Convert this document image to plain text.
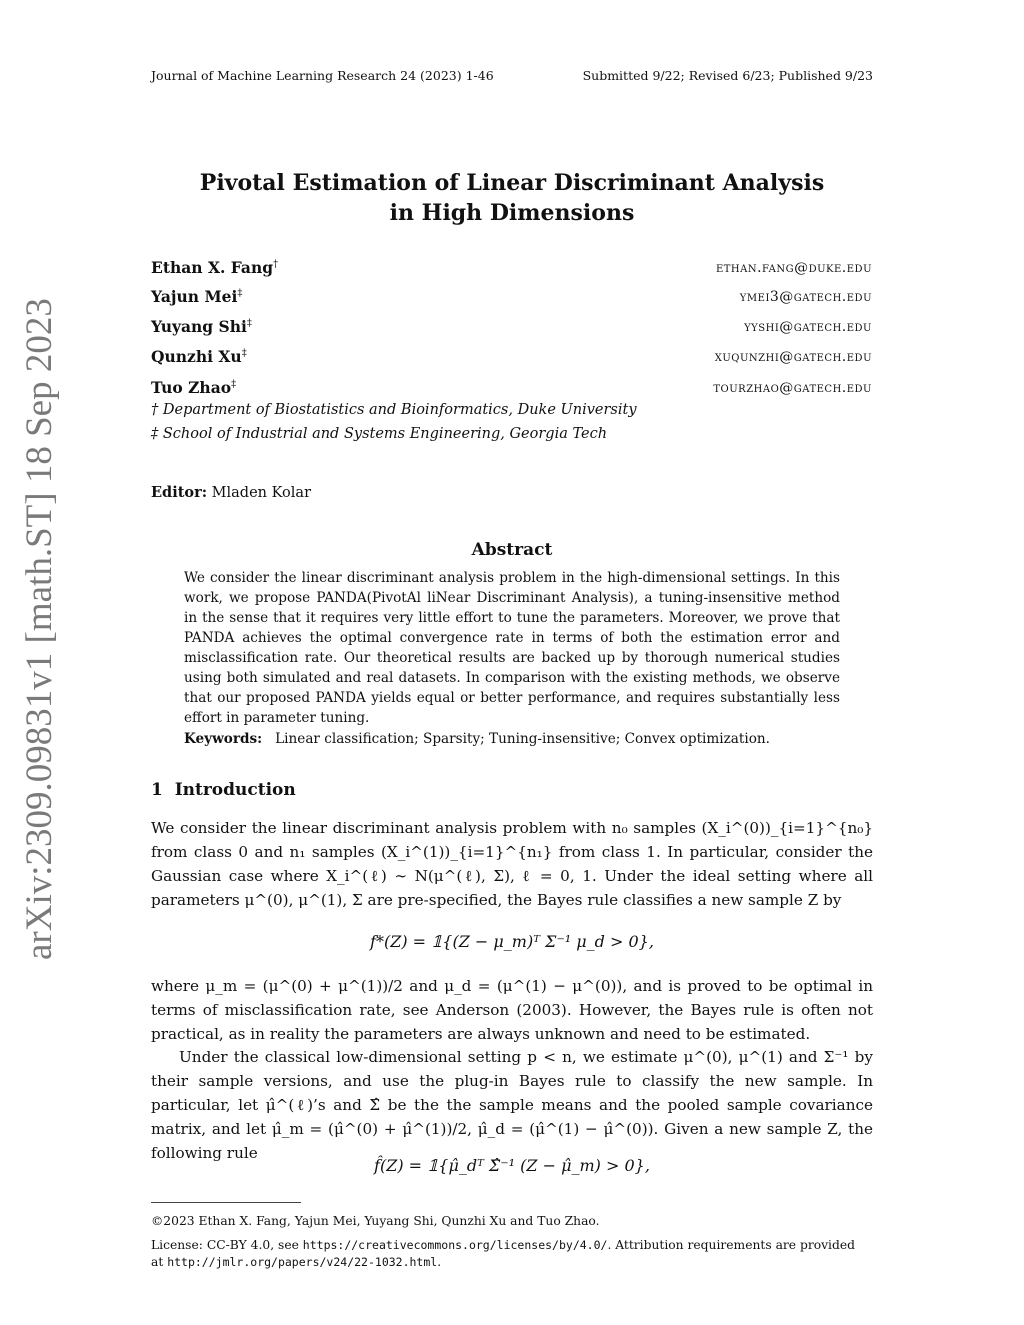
Journal of Machine Learning Research 24 (2023) 1-46	Submitted 9/22; Revised 6/23; Published 9/23
arXiv:2309.09831v1 [math.ST] 18 Sep 2023
Pivotal Estimation of Linear Discriminant Analysis
in High Dimensions
Ethan X. Fang†	ethan.fang@duke.edu
Yajun Mei‡	ymei3@gatech.edu
Yuyang Shi‡	yyshi@gatech.edu
Qunzhi Xu‡	xuqunzhi@gatech.edu
Tuo Zhao‡	tourzhao@gatech.edu
† Department of Biostatistics and Bioinformatics, Duke University
‡ School of Industrial and Systems Engineering, Georgia Tech
Editor: Mladen Kolar
Abstract
We consider the linear discriminant analysis problem in the high-dimensional settings. In this work, we propose PANDA(PivotAl liNear Discriminant Analysis), a tuning-insensitive method in the sense that it requires very little effort to tune the parameters. Moreover, we prove that PANDA achieves the optimal convergence rate in terms of both the estimation error and misclassification rate. Our theoretical results are backed up by thorough numerical studies using both simulated and real datasets. In comparison with the existing methods, we observe that our proposed PANDA yields equal or better performance, and requires substantially less effort in parameter tuning.
Keywords: Linear classification; Sparsity; Tuning-insensitive; Convex optimization.
1 Introduction
We consider the linear discriminant analysis problem with n₀ samples (X_i^(0))_{i=1}^{n₀} from class 0 and n₁ samples (X_i^(1))_{i=1}^{n₁} from class 1. In particular, consider the Gaussian case where X_i^(ℓ) ∼ N(μ^(ℓ), Σ), ℓ = 0, 1. Under the ideal setting where all parameters μ^(0), μ^(1), Σ are pre-specified, the Bayes rule classifies a new sample Z by
f*(Z) = 𝟙{(Z − μ_m)ᵀ Σ⁻¹ μ_d > 0},
where μ_m = (μ^(0) + μ^(1))/2 and μ_d = (μ^(1) − μ^(0)), and is proved to be optimal in terms of misclassification rate, see Anderson (2003). However, the Bayes rule is often not practical, as in reality the parameters are always unknown and need to be estimated.
Under the classical low-dimensional setting p < n, we estimate μ^(0), μ^(1) and Σ⁻¹ by their sample versions, and use the plug-in Bayes rule to classify the new sample. In particular, let μ̂^(ℓ)’s and Σ̂ be the the sample means and the pooled sample covariance matrix, and let μ̂_m = (μ̂^(0) + μ̂^(1))/2, μ̂_d = (μ̂^(1) − μ̂^(0)). Given a new sample Z, the following rule
f̂(Z) = 𝟙{μ̂_dᵀ Σ̂⁻¹ (Z − μ̂_m) > 0},
©2023 Ethan X. Fang, Yajun Mei, Yuyang Shi, Qunzhi Xu and Tuo Zhao.
License: CC-BY 4.0, see https://creativecommons.org/licenses/by/4.0/. Attribution requirements are provided
at http://jmlr.org/papers/v24/22-1032.html.
